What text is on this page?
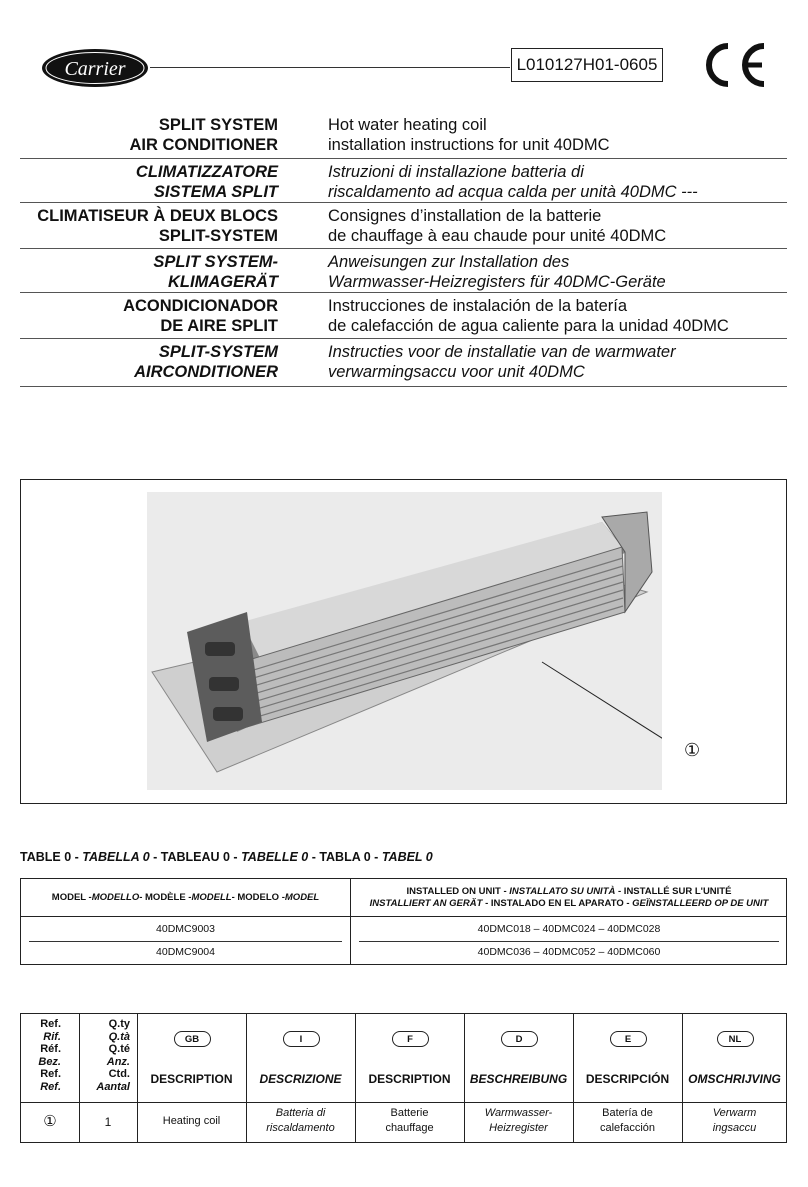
Carrier	L010127H01-0605
SPLIT SYSTEM
AIR CONDITIONER
Hot water heating coil
installation instructions for unit 40DMC
CLIMATIZZATORE
SISTEMA SPLIT
Istruzioni di installazione batteria di
riscaldamento ad acqua calda per unità 40DMC ---
CLIMATISEUR À DEUX BLOCS
SPLIT-SYSTEM
Consignes d’installation de la batterie
de chauffage à eau chaude pour unité 40DMC
SPLIT SYSTEM-
KLIMAGERÄT
Anweisungen zur Installation des
Warmwasser-Heizregisters für 40DMC-Geräte
ACONDICIONADOR
DE AIRE SPLIT
Instrucciones de instalación de la batería
de calefacción de agua caliente para la unidad 40DMC
SPLIT-SYSTEM
AIRCONDITIONER
Instructies voor de installatie van de warmwater
verwarmingsaccu voor unit 40DMC
①
TABLE 0 - TABELLA 0 - TABLEAU 0 - TABELLE 0 - TABLA 0 - TABEL 0
MODEL - MODELLO - MODÈLE - MODELL - MODELO - MODEL
INSTALLED ON UNIT - INSTALLATO SU UNITÀ - INSTALLÉ SUR L'UNITÉ
INSTALLIERT AN GERÄT - INSTALADO EN EL APARATO - GEÏNSTALLEERD OP DE UNIT
40DMC9003
40DMC9004
40DMC018 – 40DMC024 – 40DMC028
40DMC036 – 40DMC052 – 40DMC060
Ref.
Rif.
Réf.
Bez.
Ref.
Ref.
Q.ty
Q.tà
Q.té
Anz.
Ctd.
Aantal
①	1
GB
DESCRIPTION
Heating coil
I
DESCRIZIONE
Batteria di
riscaldamento
F
DESCRIPTION
Batterie
chauffage
D
BESCHREIBUNG
Warmwasser-
Heizregister
E
DESCRIPCIÓN
Batería de
calefacción
NL
OMSCHRIJVING
Verwarm
ingsaccu
